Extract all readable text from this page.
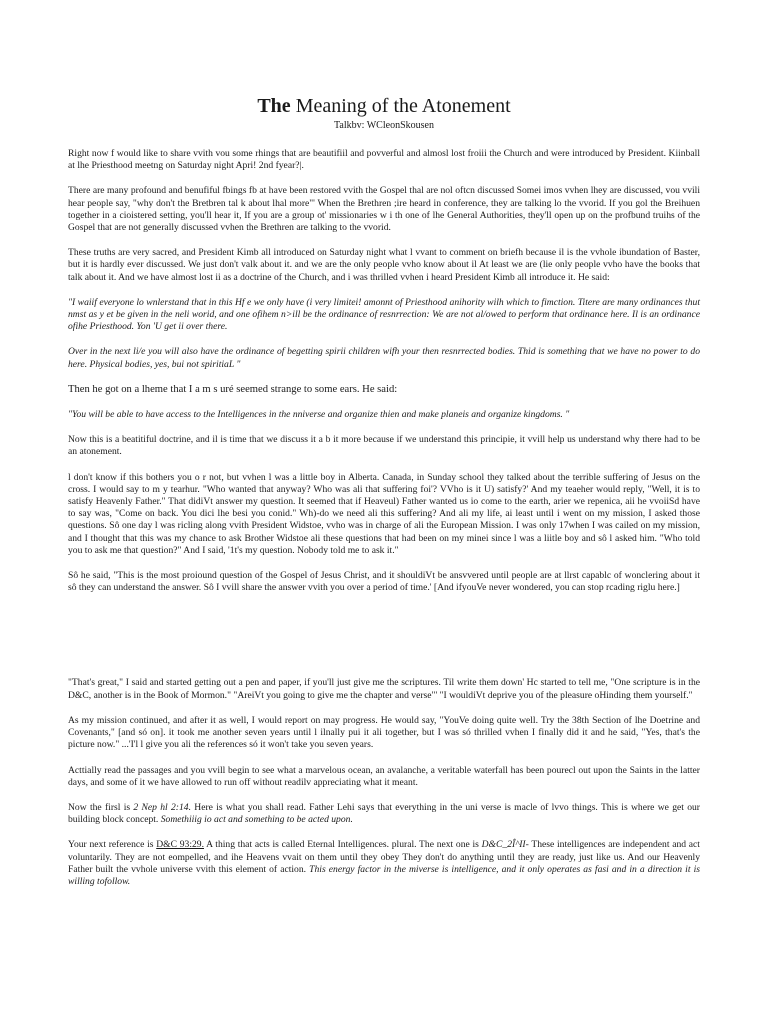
The Meaning of the Atonement
Talkbv: WCleonSkousen

Right now f would like to share vvith vou some rhings that are beautifiil and povverful and almosl lost froiii the Church and were introduced by President. Kiinball at lhe Priesthood meetng on Saturday night Apri! 2nd fyear?|.

There are many profound and benufiful fbings fb at have been restored vvith the Gospel thal are nol oftcn discussed Somei imos vvhen lhey are discussed, vou vvili hear people say, "why don't the Bretbren tal k about lhal more"' When the Brethren ;ire heard in conference, they are talking lo the vvorid. If you gol the Breihuen together in a cioistered setting, you'll hear it, If you are a group ot' missionaries w i th one of lhe General Authorities, they'll open up on the profbund truihs of the Gospel that are not generally discussed vvhen the Brethren are talking to the vvorid.

These truths are very sacred, and President Kimb all introduced on Saturday night what l vvant to comment on briefh because il is the vvhole ibundation of Baster, but it is hardly ever discussed. We just don't valk about it. and we are the only people vvho know about il At least we are (lie only people vvho have the books that talk about it. And we have almost lost ii as a doctrine of the Church, and i was thrilled vvhen i heard President Kimb all introduce it. He said:

"I waiif everyone lo wnlerstand that in this Hf e we only have (i very limitei! amonnt of Priesthood anihority wilh which to fimction. Titere are many ordinances thut nmst as y et be given in the neli worid, and one ofihem n>ill be the ordinance of resnrrection: We are not al/owed to perform that ordinance here. Il is an ordinance ofihe Priesthood. Yon 'U get ii over there.

Over in the next li/e you will also have the ordinance of begetting spirii children wifh your then resnrrected bodies. Thid is something that we have no power to do here. Physical bodies, yes, bui not spiritiaL "

Then he got on a lheme that I a m s uré seemed strange to some ears. He said:

"You will be able to have access to the Intelligences in the nniverse and organize thien and make planeis and organize kingdoms. "

Now this is a beatitiful doctrine, and il is time that we discuss it a b it more because if we understand this principie, it vvill help us understand why there had to be an atonement.

l don't know if this bothers you o r not, but vvhen l was a little boy in Alberta. Canada, in Sunday school they talked about the terrible suffering of Jesus on the cross. I would say to m y tearhur. "Who wanted that anyway? Who was ali that suffering foi'? VVho is it U) satisfy?' And my teaeher would reply, "Well, it is to satisfy Heavenly Father." That didiVt answer my question. It seemed that if Heaveul) Father wanted us io come to the earth, arier we repenica, aii he vvoiiSd have to say was, "Come on back. You dici lhe besi you conid." Wh)-do we need ali this suffering? And ali my life, ai least until i went on my mission, I asked those questions. Sô one day l was ricling along vvith President Widstoe, vvho was in charge of ali the European Mission. I was only 17when I was cailed on my mission, and I thought that this was my chance to ask Brother Widstoe ali these questions that had been on my minei since l was a liitle boy and sô l asked him. "Who told you to ask me that question?" And I said, '1t's my question. Nobody told me to ask it."

Sô he said, "This is the most proiound question of the Gospel of Jesus Christ, and it shouldiVt be ansvvered until people are at llrst capablc of wonclering about it sô they can understand the answer. Sô I vvill share the answer vvith you over a period of time.' [And ifyouVe never wondered, you can stop rcading riglu here.]

"That's great," I said and started getting out a pen and paper, if you'll just give me the scriptures. Til write them down' Hc started to tell me, "One scripture is in the D&C, another is in the Book of Mormon." "AreiVt you going to give me the chapter and verse"' "I wouldiVt deprive you of the pleasure oHinding them yourself."

As my mission continued, and after it as well, I would report on may progress. He would say, "YouVe doing quite well. Try the 38th Section of lhe Doetrine and Covenants," [and só on]. it took me another seven years until l ilnally pui it ali together, but I was só thrilled vvhen I finally did it and he said, "Yes, that's the picture now." ...'I'l l give you ali the references só it won't take you seven years.

Acttially read the passages and you vvill begin to see what a marvelous ocean, an avalanche, a veritable waterfall has been pourecl out upon the Saints in the latter days, and some of it we have allowed to run off without readilv appreciating what it meant.

Now the firsl is 2 Nep hl 2:14. Here is what you shall read. Father Lehi says that everything in the uni verse is macle of lvvo things. This is where we get our building block concept. Somethiiig io act and something to be acted upon.

Your next reference is D&C 93:29. A thing that acts is called Eternal Intelligences. plural. The next one is D&C_2Î^II- These intelligences are independent and act voluntarily. They are not eompelled, and ihe Heavens vvait on them until they obey They don't do anything until they are ready, just like us. And our Heavenly Father built the vvhole universe vvith this element of action. This energy factor in the miverse is intelligence, and it only operates as fasi and in a direction it is willing tofollow.
